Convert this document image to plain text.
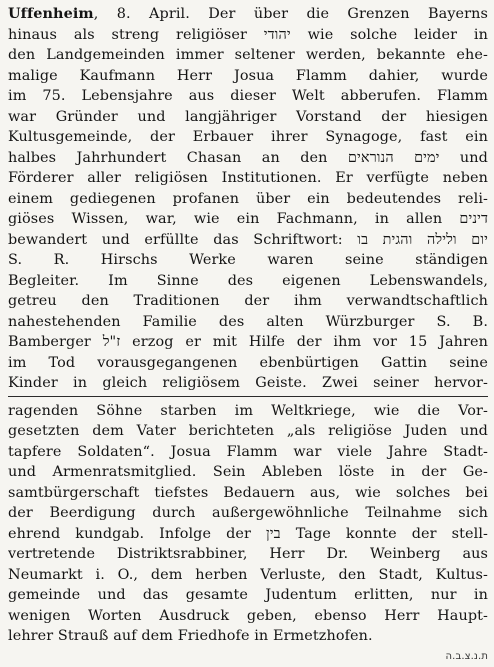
Uffenheim, 8. April. Der über die Grenzen Bayerns
hinaus als streng religiöser יהודי wie solche leider in
den Landgemeinden immer seltener werden, bekannte ehe-
malige Kaufmann Herr Josua Flamm dahier, wurde
im 75. Lebensjahre aus dieser Welt abberufen. Flamm
war Gründer und langjähriger Vorstand der hiesigen
Kultusgemeinde, der Erbauer ihrer Synagoge, fast ein
halbes Jahrhundert Chasan an den ימים הנוראים und
Förderer aller religiösen Institutionen. Er verfügte neben
einem gediegenen profanen über ein bedeutendes reli-
giöses Wissen, war, wie ein Fachmann, in allen דינים
bewandert und erfüllte das Schriftwort: יום ולילה והגית בו
S. R. Hirschs Werke waren seine ständigen
Begleiter. Im Sinne des eigenen Lebenswandels,
getreu den Traditionen der ihm verwandtschaftlich
nahestehenden Familie des alten Würzburger S. B.
Bamberger ז"ל erzog er mit Hilfe der ihm vor 15 Jahren
im Tod vorausgegangenen ebenbürtigen Gattin seine
Kinder in gleich religiösem Geiste. Zwei seiner hervor-
ragenden Söhne starben im Weltkriege, wie die Vor-
gesetzten dem Vater berichteten „als religiöse Juden und
tapfere Soldaten“. Josua Flamm war viele Jahre Stadt-
und Armenratsmitglied. Sein Ableben löste in der Ge-
samtbürgerschaft tiefstes Bedauern aus, wie solches bei
der Beerdigung durch außergewöhnliche Teilnahme sich
ehrend kundgab. Infolge der בין Tage konnte der stell-
vertretende Distriktsrabbiner, Herr Dr. Weinberg aus
Neumarkt i. O., dem herben Verluste, den Stadt, Kultus-
gemeinde und das gesamte Judentum erlitten, nur in
wenigen Worten Ausdruck geben, ebenso Herr Haupt-
lehrer Strauß auf dem Friedhofe in Ermetzhofen.
ת.נ.צ.ב.ה
